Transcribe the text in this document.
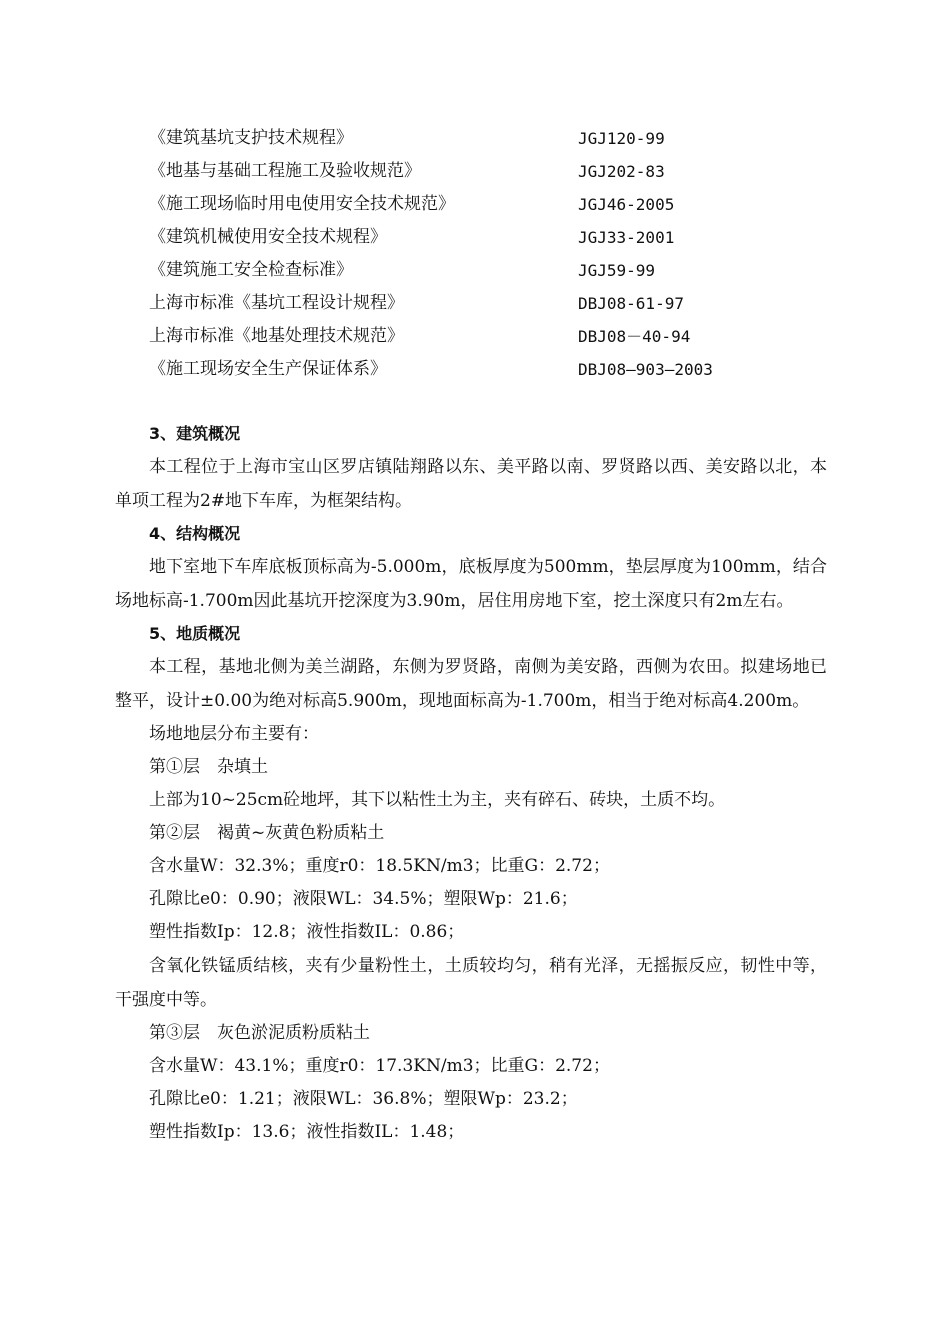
《建筑基坑支护技术规程》	JGJ120-99
《地基与基础工程施工及验收规范》	JGJ202-83
《施工现场临时用电使用安全技术规范》	JGJ46-2005
《建筑机械使用安全技术规程》	JGJ33-2001
《建筑施工安全检查标准》	JGJ59-99
上海市标准《基坑工程设计规程》	DBJ08-61-97
上海市标准《地基处理技术规范》	DBJ08－40-94
《施工现场安全生产保证体系》	DBJ08—903—2003
3、建筑概况

本工程位于上海市宝山区罗店镇陆翔路以东、美平路以南、罗贤路以西、美安路以北，本单项工程为2#地下车库，为框架结构。

4、结构概况

地下室地下车库底板顶标高为-5.000m，底板厚度为500mm，垫层厚度为100mm，结合场地标高-1.700m因此基坑开挖深度为3.90m，居住用房地下室，挖土深度只有2m左右。

5、地质概况

本工程，基地北侧为美兰湖路，东侧为罗贤路，南侧为美安路，西侧为农田。拟建场地已整平，设计±0.00为绝对标高5.900m，现地面标高为-1.700m，相当于绝对标高4.200m。

场地地层分布主要有：

第①层　杂填土

上部为10~25cm砼地坪，其下以粘性土为主，夹有碎石、砖块，土质不均。

第②层　褐黄~灰黄色粉质粘土

含水量W：32.3%；重度r0：18.5KN/m3；比重G：2.72；

孔隙比e0：0.90；液限WL：34.5%；塑限Wp：21.6；

塑性指数Ip：12.8；液性指数IL：0.86；

含氧化铁锰质结核，夹有少量粉性土，土质较均匀，稍有光泽，无摇振反应，韧性中等，干强度中等。

第③层　灰色淤泥质粉质粘土

含水量W：43.1%；重度r0：17.3KN/m3；比重G：2.72；

孔隙比e0：1.21；液限WL：36.8%；塑限Wp：23.2；

塑性指数Ip：13.6；液性指数IL：1.48；
